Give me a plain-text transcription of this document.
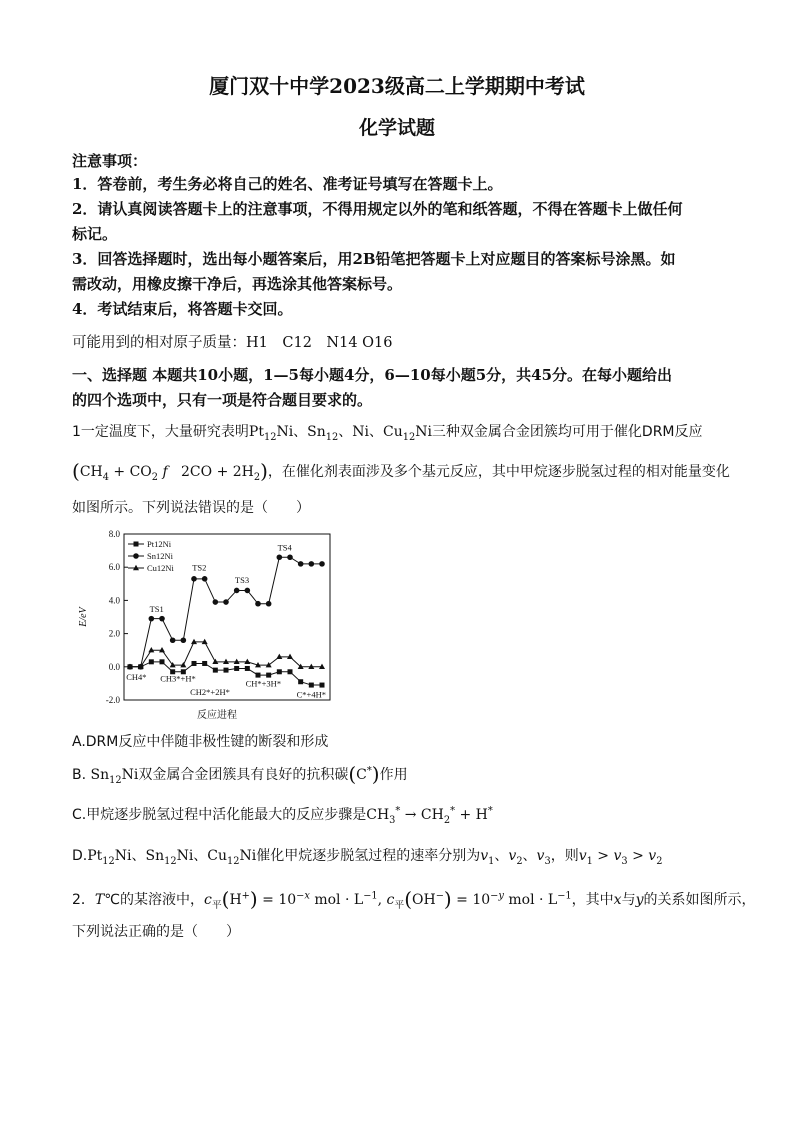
厦门双十中学2023级高二上学期期中考试
化学试题
注意事项：
1．答卷前，考生务必将自己的姓名、准考证号填写在答题卡上。
2．请认真阅读答题卡上的注意事项，不得用规定以外的笔和纸答题，不得在答题卡上做任何
标记。
3．回答选择题时，选出每小题答案后，用2B铅笔把答题卡上对应题目的答案标号涂黑。如
需改动，用橡皮擦干净后，再选涂其他答案标号。
4．考试结束后，将答题卡交回。
可能用到的相对原子质量：H1　C12　N14 O16
一、选择题 本题共10小题，1—5每小题4分，6—10每小题5分，共45分。在每小题给出
的四个选项中，只有一项是符合题目要求的。
1一定温度下，大量研究表明$Pt_{12}Ni$、$Sn_{12}$、Ni、$Cu_{12}Ni$三种双金属合金团簇均可用于催化DRM反应
($CH_4 + CO_2$ f   $2CO + 2H_2$)，在催化剂表面涉及多个基元反应，其中甲烷逐步脱氢过程的相对能量变化
如图所示。下列说法错误的是（　　）
8.0
6.0
4.0
2.0
0.0
-2.0
E/eV
反应进程
Pt12Ni
Sn12Ni
Cu12Ni
TS1
TS2
TS3
TS4
CH4* CH3*+H*
CH2*+2H*
CH*+3H*
C*+4H*
A.DRM反应中伴随非极性键的断裂和形成
B. $Sn_{12}Ni$双金属合金团簇具有良好的抗积碳(C*)作用
C.甲烷逐步脱氢过程中活化能最大的反应步骤是$CH_3^* \to CH_2^* + H^*$
$D.Pt_{12}Ni$、$Sn_{12}Ni$、$Cu_{12}Ni$催化甲烷逐步脱氢过程的速率分别为$v_1$、$v_2$、$v_3$，则$v_1 > v_3 > v_2$
2．T℃的某溶液中，$c_平(H^+) = 10^{-x}$ mol · $L^{-1}$, $c_平(OH^-) = 10^{-y}$ mol · $L^{-1}$，其中x与y的关系如图所示，
下列说法正确的是（　　）
